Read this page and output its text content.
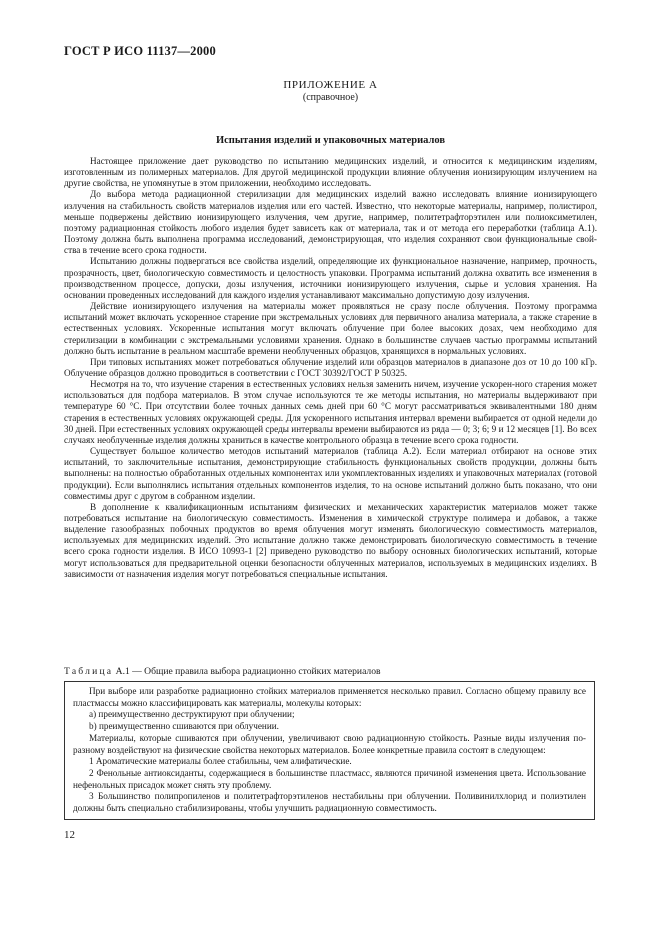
ГОСТ Р ИСО 11137—2000
ПРИЛОЖЕНИЕ А
(справочное)
Испытания изделий и упаковочных материалов

Настоящее приложение дает руководство по испытанию медицинских изделий, и относится к медицинским изделиям, изготовленным из полимерных материалов. Для другой медицинской продукции влияние облучения ионизирующим излучением на другие свойства, не упомянутые в этом приложении, необходимо исследовать.

До выбора метода радиационной стерилизации для медицинских изделий важно исследовать влияние ионизирующего излучения на стабильность свойств материалов изделия или его частей. Известно, что некоторые материалы, например, полистирол, меньше подвержены действию ионизирующего излучения, чем другие, например, политетрафторэтилен или полиоксиметилен, поэтому радиационная стойкость любого изделия будет зависеть как от материала, так и от метода его переработки (таблица А.1). Поэтому должна быть выполнена программа исследований, демонстрирующая, что изделия сохраняют свои функциональные свой-ства в течение всего срока годности.

Испытанию должны подвергаться все свойства изделий, определяющие их функциональное назначение, например, прочность, прозрачность, цвет, биологическую совместимость и целостность упаковки. Программа испытаний должна охватить все изменения в производственном процессе, допуски, дозы излучения, источники ионизирующего излучения, сырье и условия хранения. На основании проведенных исследований для каждого изделия устанавливают максимально допустимую дозу излучения.

Действие ионизирующего излучения на материалы может проявляться не сразу после облучения. Поэтому программа испытаний может включать ускоренное старение при экстремальных условиях для первичного анализа материала, а также старение в естественных условиях. Ускоренные испытания могут включать облучение при более высоких дозах, чем необходимо для стерилизации в комбинации с экстремальными условиями хранения. Однако в большинстве случаев частью программы испытаний должно быть испытание в реальном масштабе времени необлученных образцов, хранящихся в нормальных условиях.

При типовых испытаниях может потребоваться облучение изделий или образцов материалов в диапазоне доз от 10 до 100 кГр. Облучение образцов должно проводиться в соответствии с ГОСТ 30392/ГОСТ Р 50325.

Несмотря на то, что изучение старения в естественных условиях нельзя заменить ничем, изучение ускорен-ного старения может использоваться для подбора материалов. В этом случае используются те же методы испытания, но материалы выдерживают при температуре 60 °С. При отсутствии более точных данных семь дней при 60 °С могут рассматриваться эквивалентными 180 дням старения в естественных условиях окружающей среды. Для ускоренного испытания интервал времени выбирается от одной недели до 30 дней. При естественных условиях окружающей среды интервалы времени выбираются из ряда — 0; 3; 6; 9 и 12 месяцев [1]. Во всех случаях необлученные изделия должны храниться в качестве контрольного образца в течение всего срока годности.

Существует большое количество методов испытаний материалов (таблица А.2). Если материал отбирают на основе этих испытаний, то заключительные испытания, демонстрирующие стабильность функциональных свойств продукции, должны быть выполнены: на полностью обработанных отдельных компонентах или укомплектованных изделиях и упаковочных материалах (готовой продукции). Если выполнялись испытания отдельных компонентов изделия, то на основе испытаний должно быть показано, что они совместимы друг с другом в собранном изделии.

В дополнение к квалификационным испытаниям физических и механических характеристик материалов может также потребоваться испытание на биологическую совместимость. Изменения в химической структуре полимера и добавок, а также выделение газообразных побочных продуктов во время облучения могут изменять биологическую совместимость материалов, используемых для медицинских изделий. Это испытание должно также демонстрировать биологическую совместимость в течение всего срока годности изделия. В ИСО 10993-1 [2] приведено руководство по выбору основных биологических испытаний, которые могут использоваться для предварительной оценки безопасности облученных материалов, используемых в медицинских изделиях. В зависимости от назначения изделия могут потребоваться специальные испытания.

Таблица А.1 — Общие правила выбора радиационно стойких материалов

При выборе или разработке радиационно стойких материалов применяется несколько правил. Согласно общему правилу все пластмассы можно классифицировать как материалы, молекулы которых:

а) преимущественно деструктируют при облучении;

b) преимущественно сшиваются при облучении.

Материалы, которые сшиваются при облучении, увеличивают свою радиационную стойкость. Разные виды излучения по-разному воздействуют на физические свойства некоторых материалов. Более конкретные правила состоят в следующем:

1 Ароматические материалы более стабильны, чем алифатические.

2 Фенольные антиоксиданты, содержащиеся в большинстве пластмасс, являются причиной изменения цвета. Использование нефенольных присадок может снять эту проблему.

3 Большинство полипропиленов и политетрафторэтиленов нестабильны при облучении. Поливинилхлорид и полиэтилен должны быть специально стабилизированы, чтобы улучшить радиационную совместимость.

12
